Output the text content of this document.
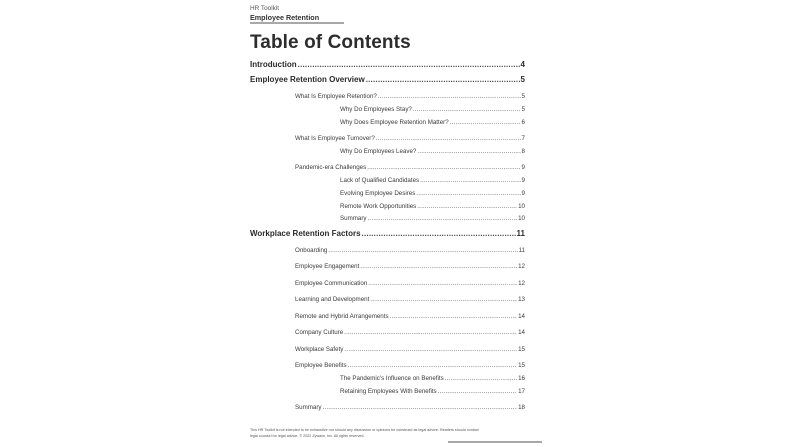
HR Toolkit
Employee Retention
Table of Contents
Introduction .....	4
Employee Retention Overview .....	5
What Is Employee Retention? .....	5
Why Do Employees Stay? .....	5
Why Does Employee Retention Matter? .....	6
What Is Employee Turnover? .....	7
Why Do Employees Leave? .....	8
Pandemic-era Challenges .....	9
Lack of Qualified Candidates .....	9
Evolving Employee Desires .....	9
Remote Work Opportunities .....	10
Summary .....	10
Workplace Retention Factors .....	11
Onboarding .....	11
Employee Engagement .....	12
Employee Communication .....	12
Learning and Development .....	13
Remote and Hybrid Arrangements .....	14
Company Culture .....	14
Workplace Safety .....	15
Employee Benefits .....	15
The Pandemic's Influence on Benefits .....	16
Retaining Employees With Benefits .....	17
Summary .....	18
This HR Toolkit is not intended to be exhaustive nor should any discussion or opinions be construed as legal advice. Readers should contact
legal counsel for legal advice. © 2022 Zywave, Inc. All rights reserved.
